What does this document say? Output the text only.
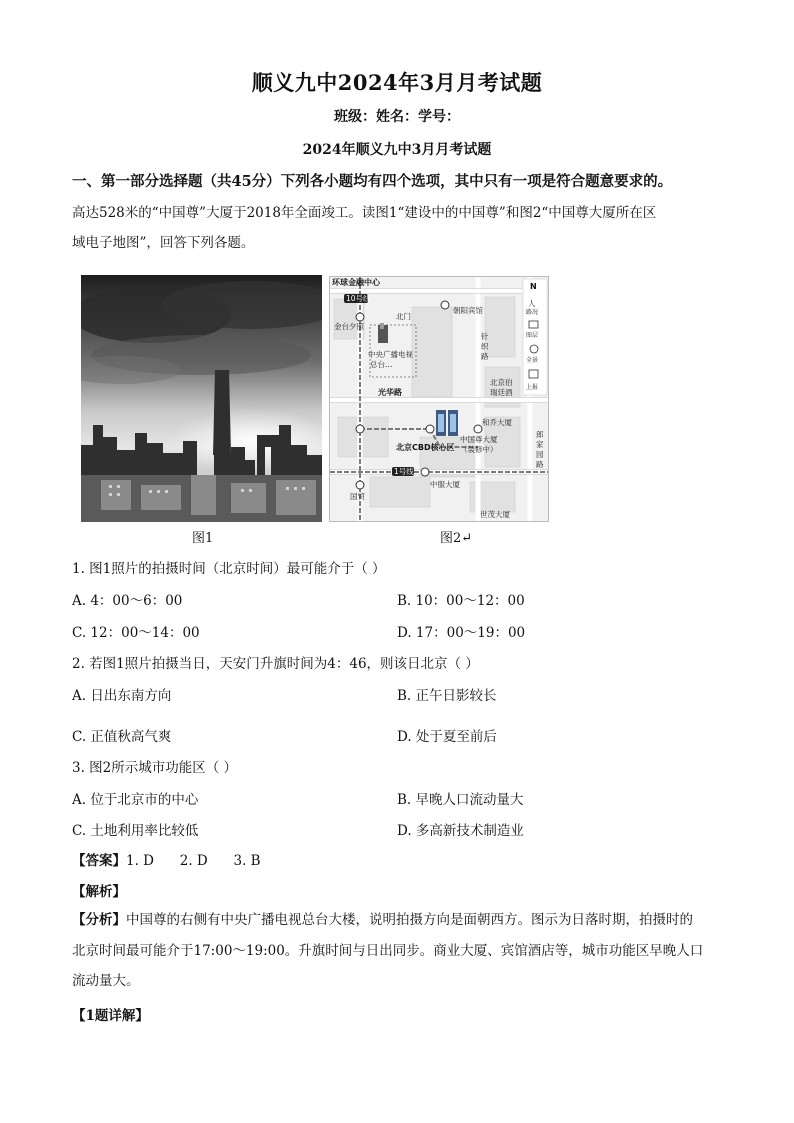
顺义九中2024年3月月考试题
班级：姓名：学号：
2024年顺义九中3月月考试题
一、第一部分选择题（共45分）下列各小题均有四个选项，其中只有一项是符合题意要求的。
高达528米的“中国尊”大厦于2018年全面竣工。读图1“建设中的中国尊”和图2“中国尊大厦所在区
域电子地图”，回答下列各题。
10号线
1号线
环球金融中心
北门
金台夕照
朝阳宾馆
中央广播电视
总台…
针
织
路
北京伯
瑞廷酒
光华路
和乔大厦
北京CBD核心区
中国尊大厦
（装修中）
郎
家
园
路
中服大厦
国贸
世茂大厦
N
人
路况
图层
全景
上报
图1	图2↵
1. 图1照片的拍摄时间（北京时间）最可能介于（ ）
A. 4：00～6：00	B. 10：00～12：00
C. 12：00～14：00	D. 17：00～19：00
2. 若图1照片拍摄当日，天安门升旗时间为4：46，则该日北京（ ）
A. 日出东南方向	B. 正午日影较长
C. 正值秋高气爽	D. 处于夏至前后
3. 图2所示城市功能区（ ）
A. 位于北京市的中心	B. 早晚人口流动量大
C. 土地利用率比较低	D. 多高新技术制造业
【答案】1. D      2. D      3. B
【解析】
【分析】中国尊的右侧有中央广播电视总台大楼，说明拍摄方向是面朝西方。图示为日落时期，拍摄时的
北京时间最可能介于17:00～19:00。升旗时间与日出同步。商业大厦、宾馆酒店等，城市功能区早晚人口
流动量大。
【1题详解】
